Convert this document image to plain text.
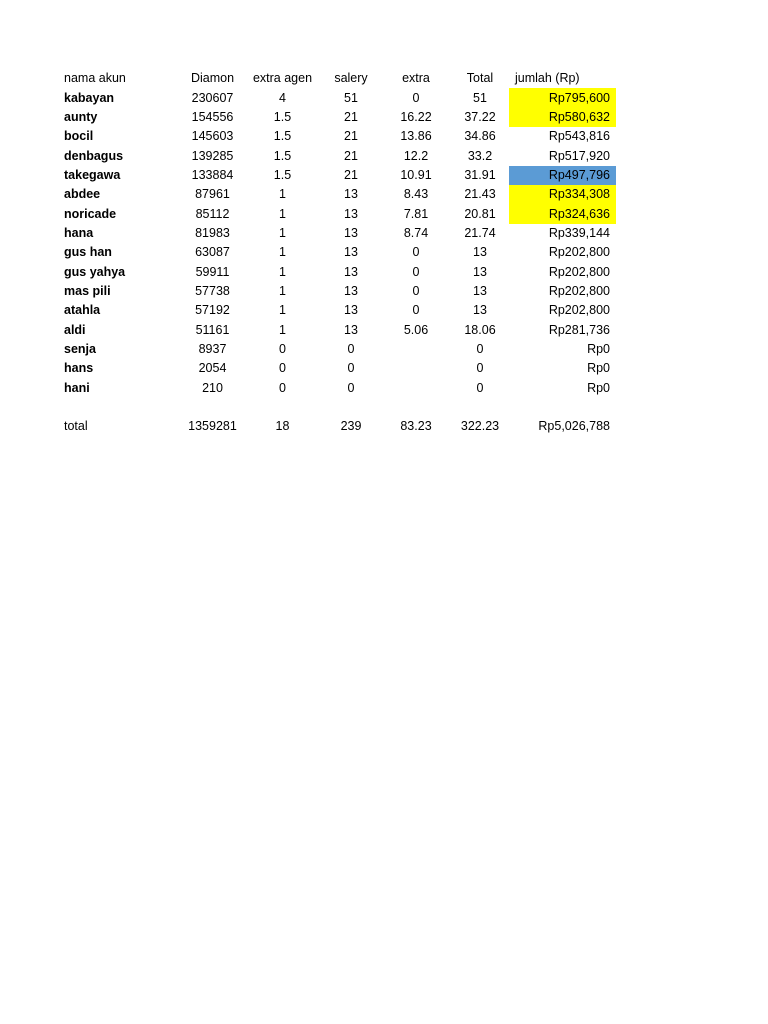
nama akun	Diamon	extra agen	salery	extra	Total	jumlah (Rp)
kabayan	230607	4	51	0	51	Rp795,600
aunty	154556	1.5	21	16.22	37.22	Rp580,632
bocil	145603	1.5	21	13.86	34.86	Rp543,816
denbagus	139285	1.5	21	12.2	33.2	Rp517,920
takegawa	133884	1.5	21	10.91	31.91	Rp497,796
abdee	87961	1	13	8.43	21.43	Rp334,308
noricade	85112	1	13	7.81	20.81	Rp324,636
hana	81983	1	13	8.74	21.74	Rp339,144
gus han	63087	1	13	0	13	Rp202,800
gus yahya	59911	1	13	0	13	Rp202,800
mas pili	57738	1	13	0	13	Rp202,800
atahla	57192	1	13	0	13	Rp202,800
aldi	51161	1	13	5.06	18.06	Rp281,736
senja	8937	0	0		0	Rp0
hans	2054	0	0		0	Rp0
hani	210	0	0		0	Rp0

total	1359281	18	239	83.23	322.23	Rp5,026,788
